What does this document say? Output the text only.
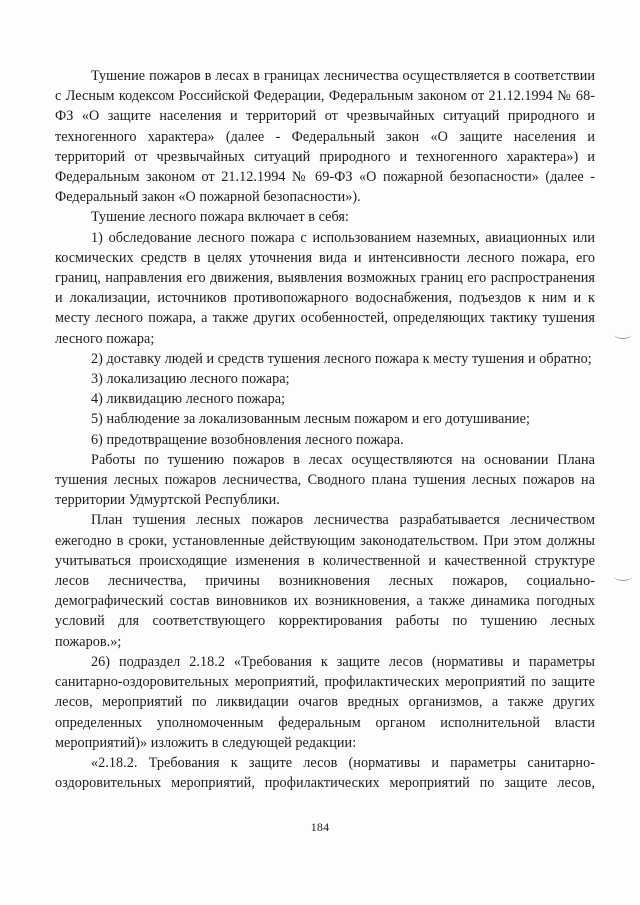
Тушение пожаров в лесах в границах лесничества осуществляется в соответствии с Лесным кодексом Российской Федерации, Федеральным законом от 21.12.1994 № 68-ФЗ «О защите населения и территорий от чрезвычайных ситуаций природного и техногенного характера» (далее - Федеральный закон «О защите населения и территорий от чрезвычайных ситуаций природного и техногенного характера») и Федеральным законом от 21.12.1994 № 69-ФЗ «О пожарной безопасности» (далее - Федеральный закон «О пожарной безопасности»).

Тушение лесного пожара включает в себя:

1) обследование лесного пожара с использованием наземных, авиационных или космических средств в целях уточнения вида и интенсивности лесного пожара, его границ, направления его движения, выявления возможных границ его распространения и локализации, источников противопожарного водоснабжения, подъездов к ним и к месту лесного пожара, а также других особенностей, определяющих тактику тушения лесного пожара;

2) доставку людей и средств тушения лесного пожара к месту тушения и обратно;

3) локализацию лесного пожара;

4) ликвидацию лесного пожара;

5) наблюдение за локализованным лесным пожаром и его дотушивание;

6) предотвращение возобновления лесного пожара.

Работы по тушению пожаров в лесах осуществляются на основании Плана тушения лесных пожаров лесничества, Сводного плана тушения лесных пожаров на территории Удмуртской Республики.

План тушения лесных пожаров лесничества разрабатывается лесничеством ежегодно в сроки, установленные действующим законодательством. При этом должны учитываться происходящие изменения в количественной и качественной структуре лесов лесничества, причины возникновения лесных пожаров, социально-демографический состав виновников их возникновения, а также динамика погодных условий для соответствующего корректирования работы по тушению лесных пожаров.»;

26) подраздел 2.18.2 «Требования к защите лесов (нормативы и параметры санитарно-оздоровительных мероприятий, профилактических мероприятий по защите лесов, мероприятий по ликвидации очагов вредных организмов, а также других определенных уполномоченным федеральным органом исполнительной власти мероприятий)» изложить в следующей редакции:

«2.18.2. Требования к защите лесов (нормативы и параметры санитарно-оздоровительных мероприятий, профилактических мероприятий по защите лесов,

184
